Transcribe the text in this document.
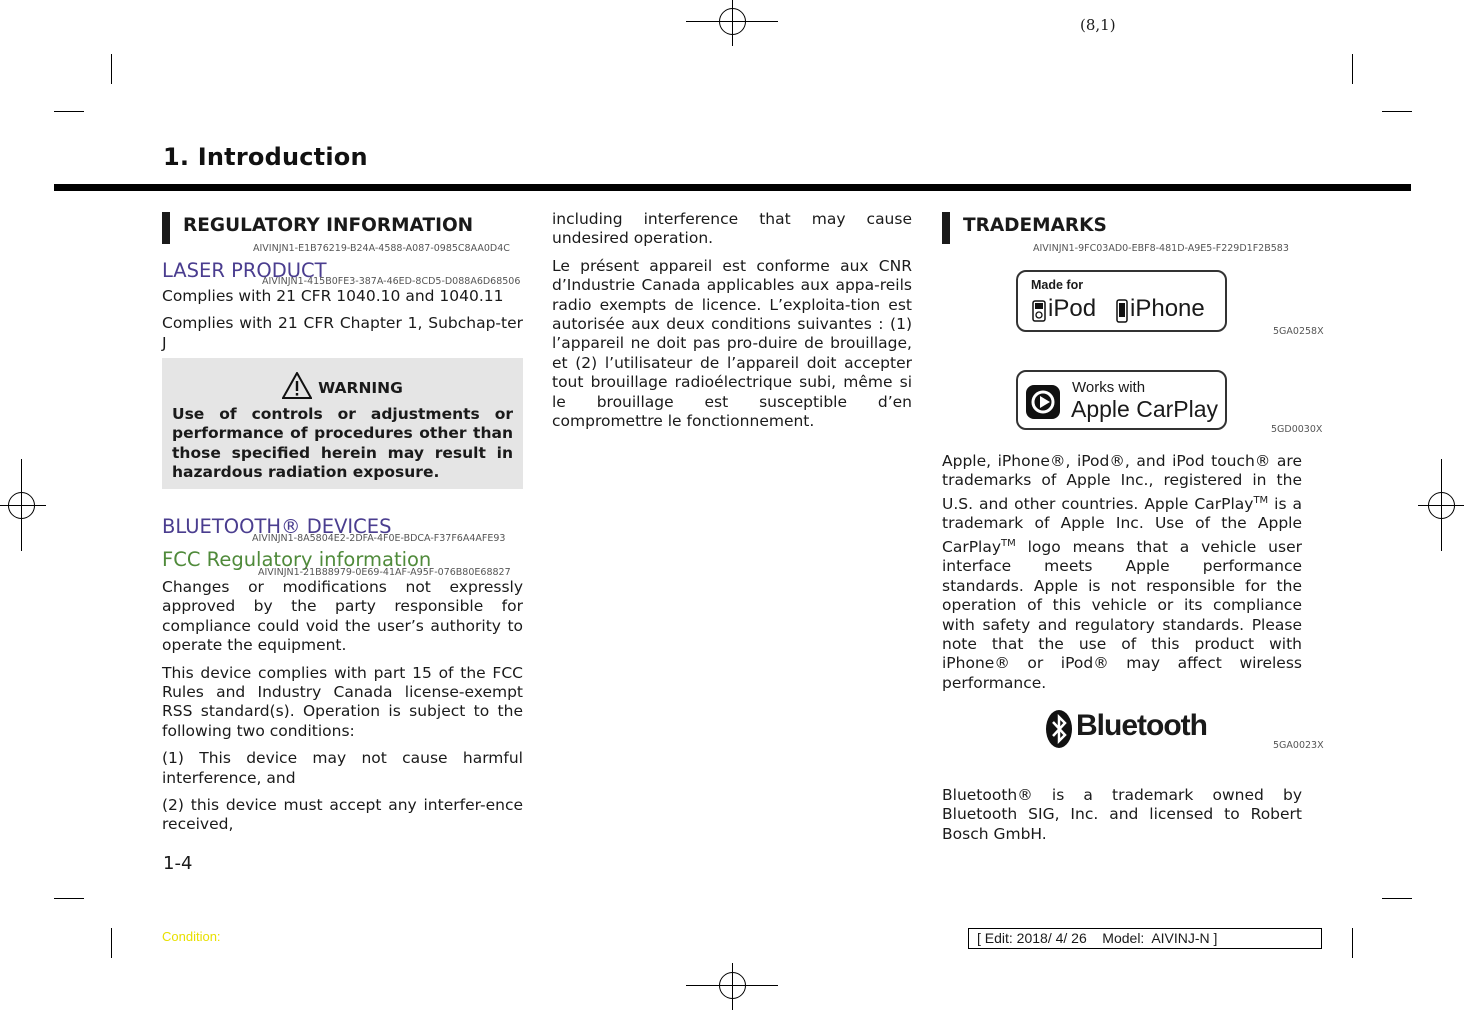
(8,1)
1. Introduction
REGULATORY INFORMATION
AIVINJN1-E1B76219-B24A-4588-A087-0985C8AA0D4C
LASER PRODUCT
AIVINJN1-415B0FE3-387A-46ED-8CD5-D088A6D68506

Complies with 21 CFR 1040.10 and 1040.11

Complies with 21 CFR Chapter 1, Subchap-ter J

WARNING
Use of controls or adjustments or performance of procedures other than those specified herein may result in hazardous radiation exposure.
BLUETOOTH® DEVICES
AIVINJN1-8A5804E2-2DFA-4F0E-BDCA-F37F6A4AFE93
FCC Regulatory information
AIVINJN1-21B88979-0E69-41AF-A95F-076B80E68827

Changes or modifications not expressly approved by the party responsible for compliance could void the user’s authority to operate the equipment.

This device complies with part 15 of the FCC Rules and Industry Canada license-exempt RSS standard(s). Operation is subject to the following two conditions:

(1) This device may not cause harmful interference, and

(2) this device must accept any interfer-ence received,

including interference that may cause undesired operation.

Le présent appareil est conforme aux CNR d’Industrie Canada applicables aux appa-reils radio exempts de licence. L’exploita-tion est autorisée aux deux conditions suivantes : (1) l’appareil ne doit pas pro-duire de brouillage, et (2) l’utilisateur de l’appareil doit accepter tout brouillage radioélectrique subi, même si le brouillage est susceptible d’en compromettre le fonctionnement.

TRADEMARKS
AIVINJN1-9FC03AD0-EBF8-481D-A9E5-F229D1F2B583
Made for
iPod iPhone
5GA0258X
Works with
Apple CarPlay
5GD0030X

Apple, iPhone®, iPod®, and iPod touch® are trademarks of Apple Inc., registered in the U.S. and other countries. Apple CarPlay™ is a trademark of Apple Inc. Use of the Apple CarPlay™ logo means that a vehicle user interface meets Apple performance standards. Apple is not responsible for the operation of this vehicle or its compliance with safety and regulatory standards. Please note that the use of this product with iPhone® or iPod® may affect wireless performance.

Bluetooth
5GA0023X

Bluetooth® is a trademark owned by Bluetooth SIG, Inc. and licensed to Robert Bosch GmbH.

1-4
Condition:	[ Edit: 2018/ 4/ 26    Model:  AIVINJ-N ]
